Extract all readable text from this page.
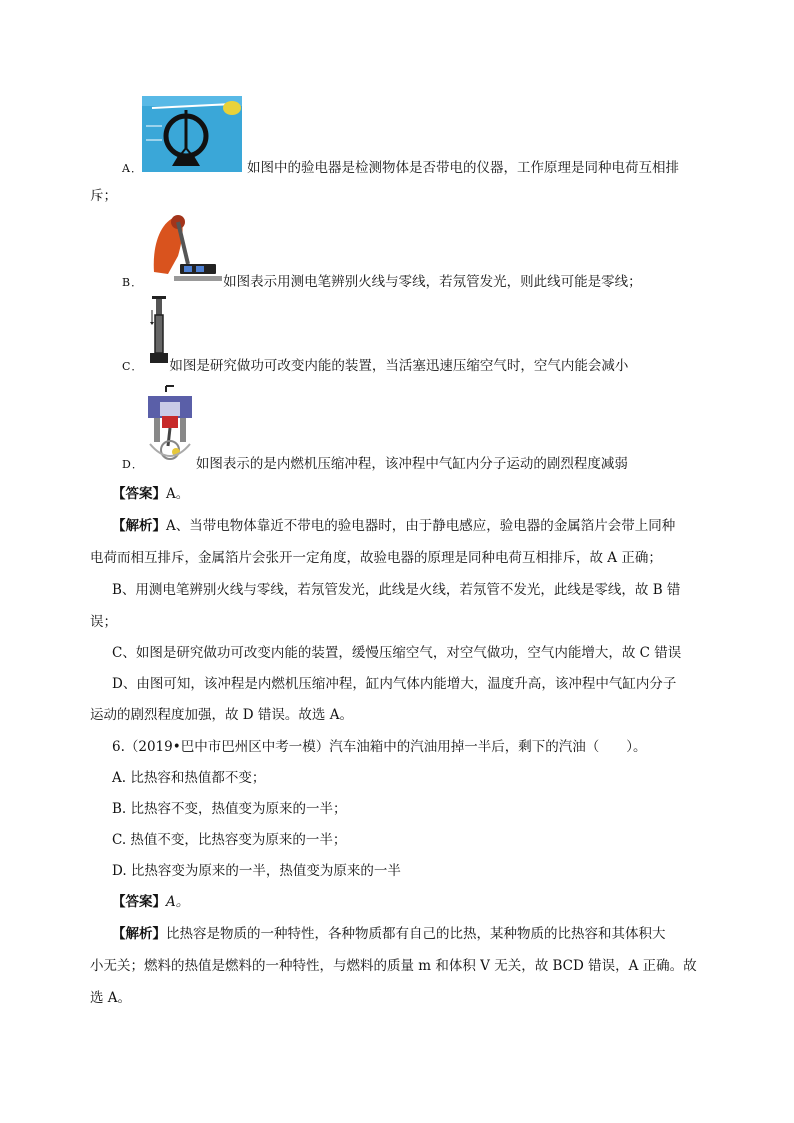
A．	如图中的验电器是检测物体是否带电的仪器，工作原理是同种电荷互相排
斥；
B．	如图表示用测电笔辨别火线与零线，若氖管发光，则此线可能是零线；
C． 如图是研究做功可改变内能的装置，当活塞迅速压缩空气时，空气内能会减小
D．	如图表示的是内燃机压缩冲程，该冲程中气缸内分子运动的剧烈程度减弱
【答案】A。
【解析】A、当带电物体靠近不带电的验电器时，由于静电感应，验电器的金属箔片会带上同种
电荷而相互排斥，金属箔片会张开一定角度，故验电器的原理是同种电荷互相排斥，故 A 正确；
B、用测电笔辨别火线与零线，若氖管发光，此线是火线，若氖管不发光，此线是零线，故 B 错
误；
C、如图是研究做功可改变内能的装置，缓慢压缩空气，对空气做功，空气内能增大，故 C 错误
D、由图可知，该冲程是内燃机压缩冲程，缸内气体内能增大，温度升高，该冲程中气缸内分子
运动的剧烈程度加强，故 D 错误。故选 A。
6.（2019•巴中市巴州区中考一模）汽车油箱中的汽油用掉一半后，剩下的汽油（　　）。
A. 比热容和热值都不变；
B. 比热容不变，热值变为原来的一半；
C. 热值不变，比热容变为原来的一半；
D. 比热容变为原来的一半，热值变为原来的一半
【答案】A。
【解析】比热容是物质的一种特性，各种物质都有自己的比热，某种物质的比热容和其体积大
小无关；燃料的热值是燃料的一种特性，与燃料的质量 m 和体积 V 无关，故 BCD 错误，A 正确。故
选 A。
